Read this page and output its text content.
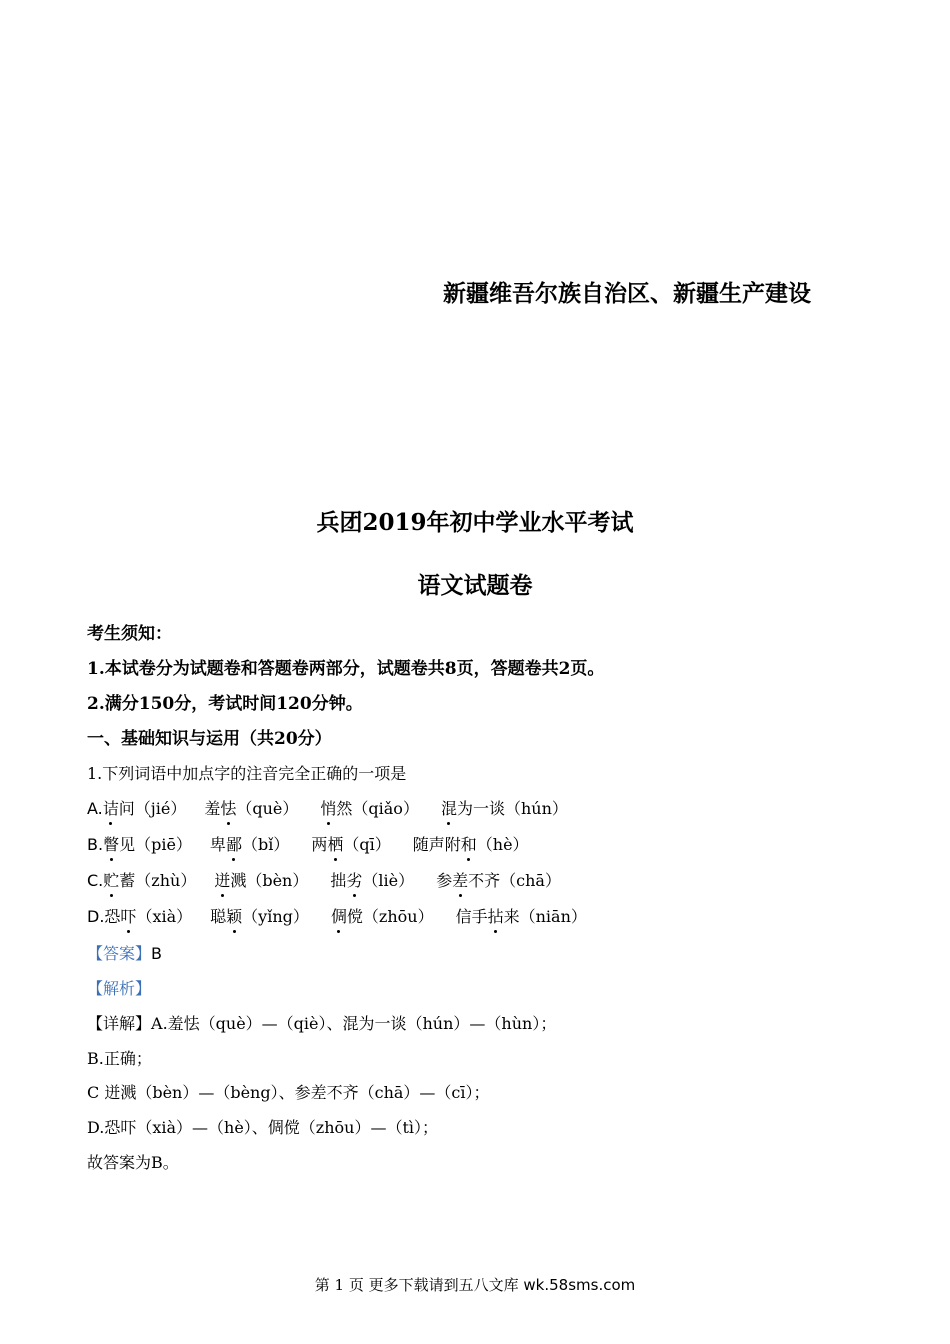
新疆维吾尔族自治区、新疆生产建设
兵团2019年初中学业水平考试
语文试题卷
考生须知：
1.本试卷分为试题卷和答题卷两部分，试题卷共8页，答题卷共2页。
2.满分150分，考试时间120分钟。
一、基础知识与运用（共20分）
1.下列词语中加点字的注音完全正确的一项是
A.诘问（jié） 羞怯（què） 悄然（qiǎo） 混为一谈（hún）
B.瞥见（piē） 卑鄙（bǐ） 两栖（qī） 随声附和（hè）
C.贮蓄（zhù） 迸溅（bèn） 拙劣（liè） 参差不齐（chā）
D.恐吓（xià） 聪颖（yǐng） 倜傥（zhōu） 信手拈来（niān）
【答案】B
【解析】
【详解】A.羞怯（què）—（qiè）、混为一谈（hún）—（hùn）；
B.正确；
C 迸溅（bèn）—（bèng）、参差不齐（chā）—（cī）；
D.恐吓（xià）—（hè）、倜傥（zhōu）—（tì）；
故答案为B。
第 1 页 更多下载请到五八文库 wk.58sms.com
